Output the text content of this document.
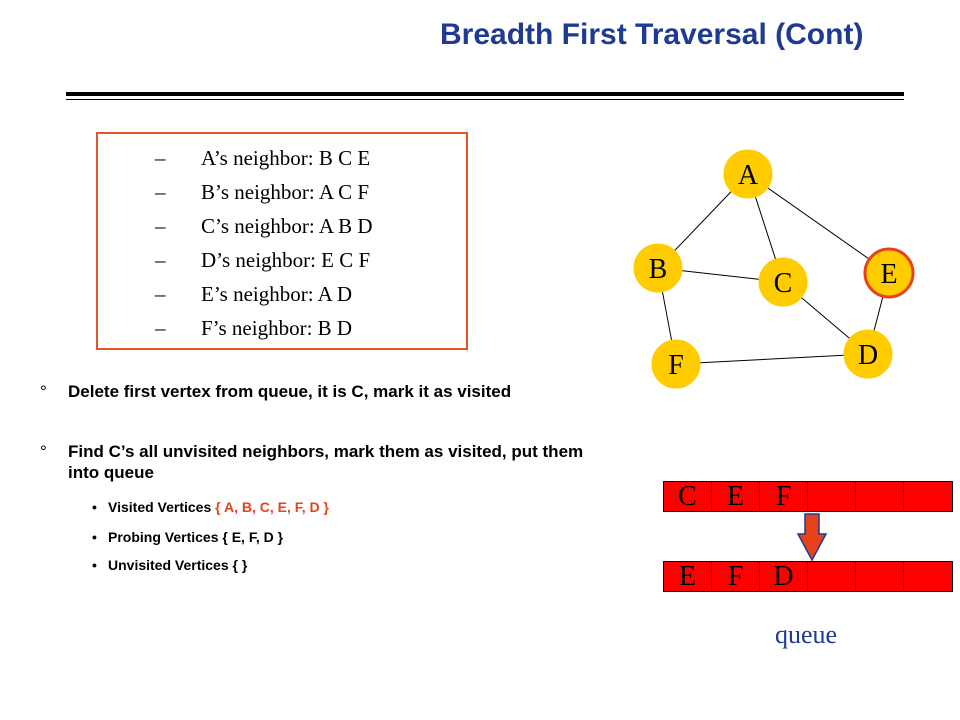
Breadth First Traversal (Cont)
– A’s neighbor: B C E
– B’s neighbor: A C F
– C’s neighbor: A B D
– D’s neighbor: E C F
– E’s neighbor: A D
– F’s neighbor: B D
°	Delete first vertex from queue, it is C, mark it as visited
°	Find C’s all unvisited neighbors, mark them as visited, put them into queue
• Visited Vertices { A, B, C, E, F, D }
• Probing Vertices { E, F, D }
• Unvisited Vertices { }
A
B	C
D
E
F
C	E	F
E	F	D
queue
